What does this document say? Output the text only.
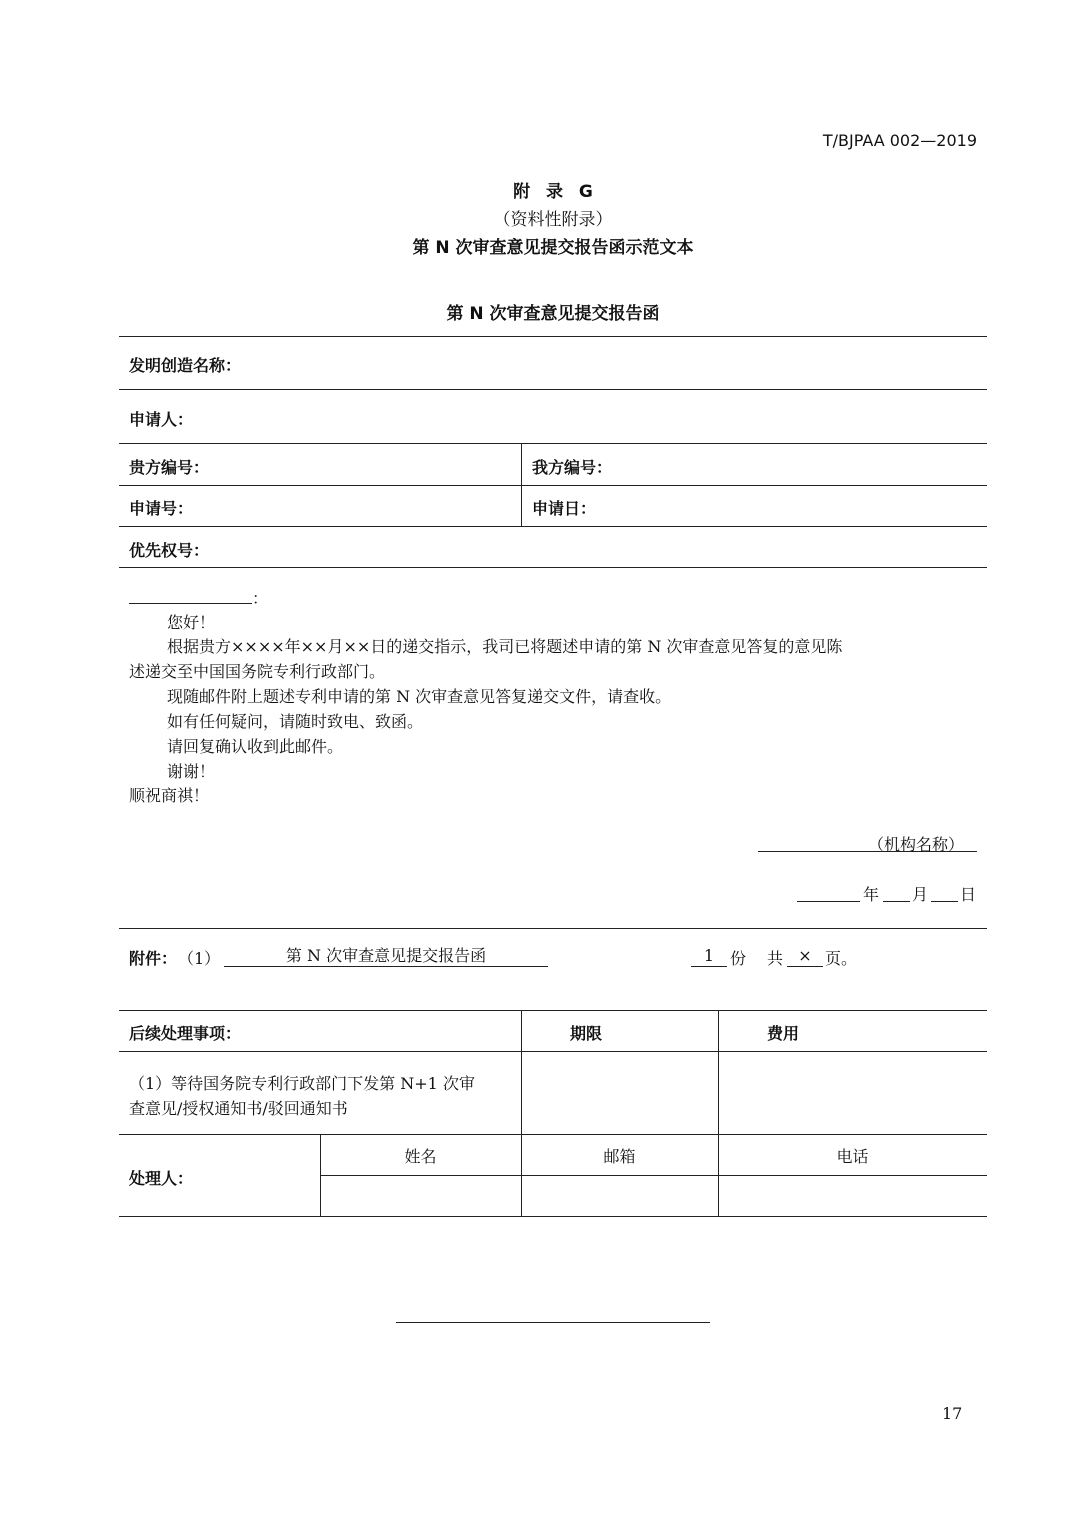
T/BJPAA 002—2019
附 录 G
（资料性附录）
第 N 次审查意见提交报告函示范文本
第 N 次审查意见提交报告函
发明创造名称：
申请人：
贵方编号：	我方编号：
申请号：	申请日：
优先权号：
：
您好！
根据贵方××××年××月××日的递交指示，我司已将题述申请的第 N 次审查意见答复的意见陈
述递交至中国国务院专利行政部门。
现随邮件附上题述专利申请的第 N 次审查意见答复递交文件，请查收。
如有任何疑问，请随时致电、致函。
请回复确认收到此邮件。
谢谢！
顺祝商祺！
（机构名称）
年 月 日
附件： （1）	第 N 次审查意见提交报告函	1 份 共 × 页。
后续处理事项：	期限	费用
（1）等待国务院专利行政部门下发第 N+1 次审
查意见/授权通知书/驳回通知书
处理人：
姓名	邮箱	电话
17
